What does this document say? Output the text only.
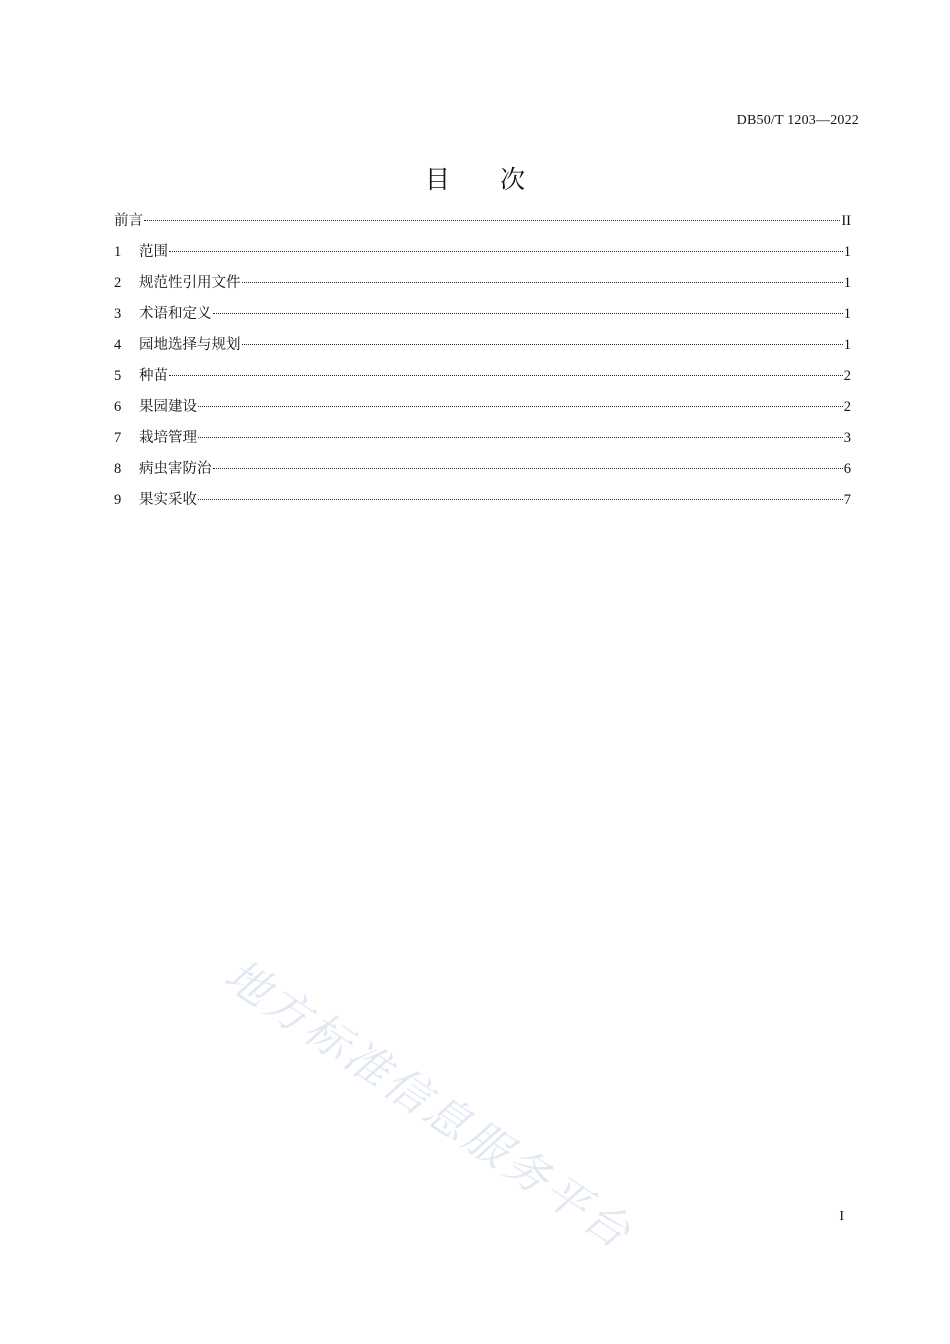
DB50/T 1203—2022
目 次
前言	II
1	范围	1
2	规范性引用文件	1
3	术语和定义	1
4	园地选择与规划	1
5	种苗	2
6	果园建设	2
7	栽培管理	3
8	病虫害防治	6
9	果实采收	7
地方标准信息服务平台	I
